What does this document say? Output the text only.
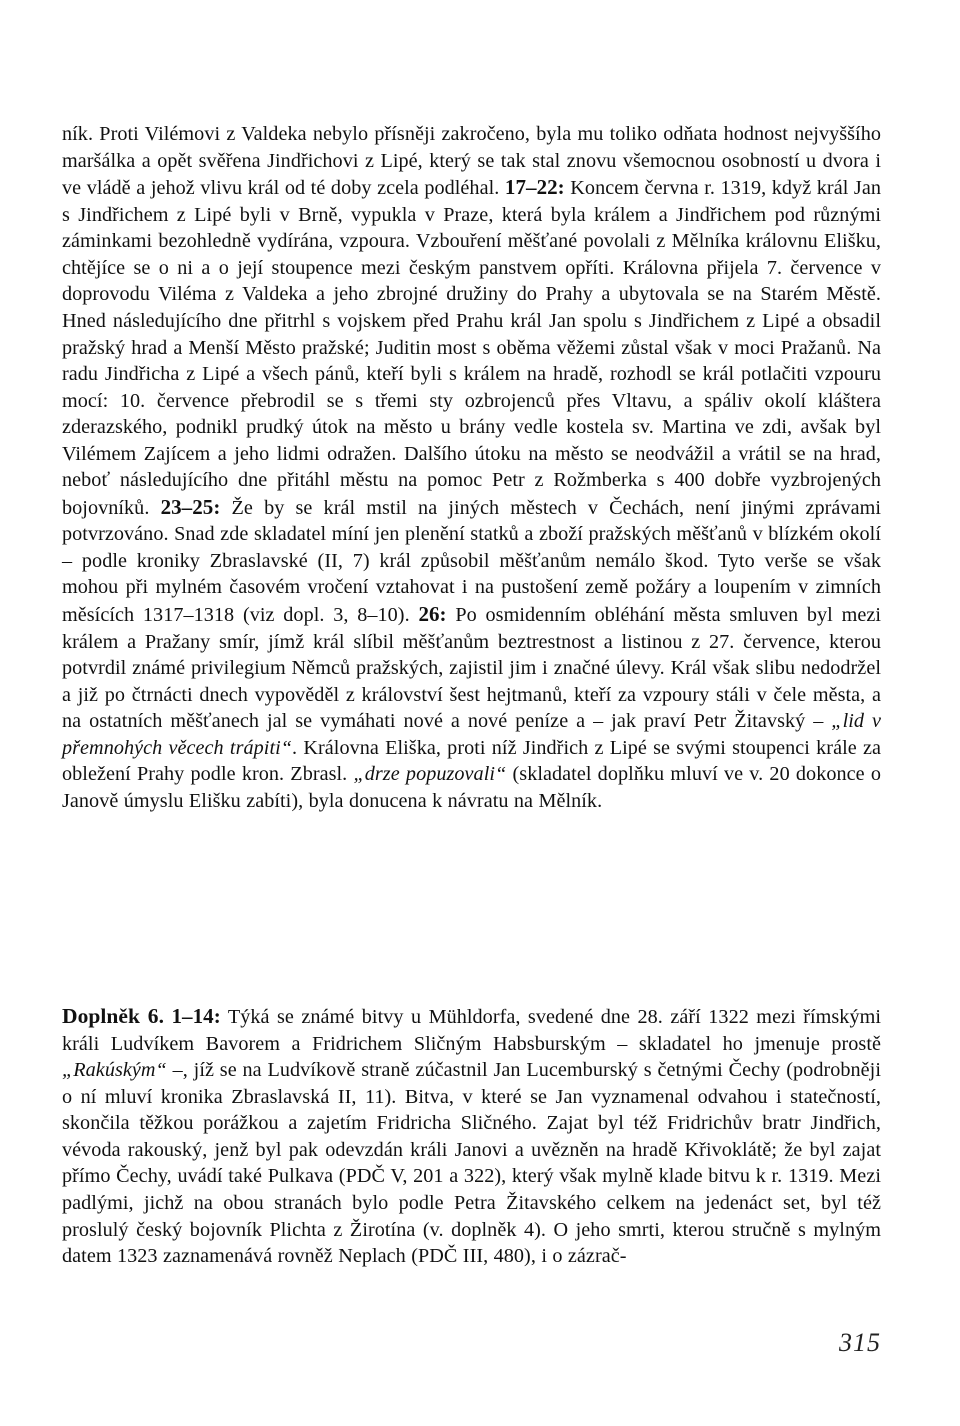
ník. Proti Vilémovi z Valdeka nebylo přísněji zakročeno, byla mu toliko odňata hodnost nejvyššího maršálka a opět svěřena Jindřichovi z Lipé, který se tak stal znovu všemocnou osobností u dvora i ve vládě a jehož vlivu král od té doby zcela podléhal. 17–22: Koncem června r. 1319, když král Jan s Jindřichem z Lipé byli v Brně, vypukla v Praze, která byla králem a Jindřichem pod různými záminkami bezohledně vydírána, vzpoura. Vzbouření měšťané povolali z Mělníka královnu Elišku, chtějíce se o ni a o její stoupence mezi českým panstvem opříti. Královna přijela 7. července v doprovodu Viléma z Valdeka a jeho zbrojné družiny do Prahy a ubytovala se na Starém Městě. Hned následujícího dne přitrhl s vojskem před Prahu král Jan spolu s Jindřichem z Lipé a obsadil pražský hrad a Menší Město pražské; Juditin most s oběma věžemi zůstal však v moci Pražanů. Na radu Jindřicha z Lipé a všech pánů, kteří byli s králem na hradě, rozhodl se král potlačiti vzpouru mocí: 10. července přebrodil se s třemi sty ozbrojenců přes Vltavu, a spáliv okolí kláštera zderazského, podnikl prudký útok na město u brány vedle kostela sv. Martina ve zdi, avšak byl Vilémem Zajícem a jeho lidmi odražen. Dalšího útoku na město se neodvážil a vrátil se na hrad, neboť následujícího dne přitáhl městu na pomoc Petr z Rožmberka s 400 dobře vyzbrojených bojovníků. 23–25: Že by se král mstil na jiných městech v Čechách, není jinými zprávami potvrzováno. Snad zde skladatel míní jen plenění statků a zboží pražských měšťanů v blízkém okolí – podle kroniky Zbraslavské (II, 7) král způsobil měšťanům nemálo škod. Tyto verše se však mohou při mylném časovém vročení vztahovat i na pustošení země požáry a loupením v zimních měsících 1317–1318 (viz dopl. 3, 8–10). 26: Po osmidenním obléhání města smluven byl mezi králem a Pražany smír, jímž král slíbil měšťanům beztrestnost a listinou z 27. července, kterou potvrdil známé privilegium Němců pražských, zajistil jim i značné úlevy. Král však slibu nedodržel a již po čtrnácti dnech vypověděl z království šest hejtmanů, kteří za vzpoury stáli v čele města, a na ostatních měšťanech jal se vymáhati nové a nové peníze a – jak praví Petr Žitavský – „lid v přemnohých věcech trápiti“. Královna Eliška, proti níž Jindřich z Lipé se svými stoupenci krále za obležení Prahy podle kron. Zbrasl. „drze popuzovali“ (skladatel doplňku mluví ve v. 20 dokonce o Janově úmyslu Elišku zabíti), byla donucena k návratu na Mělník.

Doplněk 6. 1–14: Týká se známé bitvy u Mühldorfa, svedené dne 28. září 1322 mezi římskými králi Ludvíkem Bavorem a Fridrichem Sličným Habsburským – skladatel ho jmenuje prostě „Rakúským“ –, jíž se na Ludvíkově straně zúčastnil Jan Lucemburský s četnými Čechy (podrobněji o ní mluví kronika Zbraslavská II, 11). Bitva, v které se Jan vyznamenal odvahou i statečností, skončila těžkou porážkou a zajetím Fridricha Sličného. Zajat byl též Fridrichův bratr Jindřich, vévoda rakouský, jenž byl pak odevzdán králi Janovi a uvězněn na hradě Křivoklátě; že byl zajat přímo Čechy, uvádí také Pulkava (PDČ V, 201 a 322), který však mylně klade bitvu k r. 1319. Mezi padlými, jichž na obou stranách bylo podle Petra Žitavského celkem na jedenáct set, byl též proslulý český bojovník Plichta z Žirotína (v. doplněk 4). O jeho smrti, kterou stručně s mylným datem 1323 zaznamenává rovněž Neplach (PDČ III, 480), i o zázrač-

315
